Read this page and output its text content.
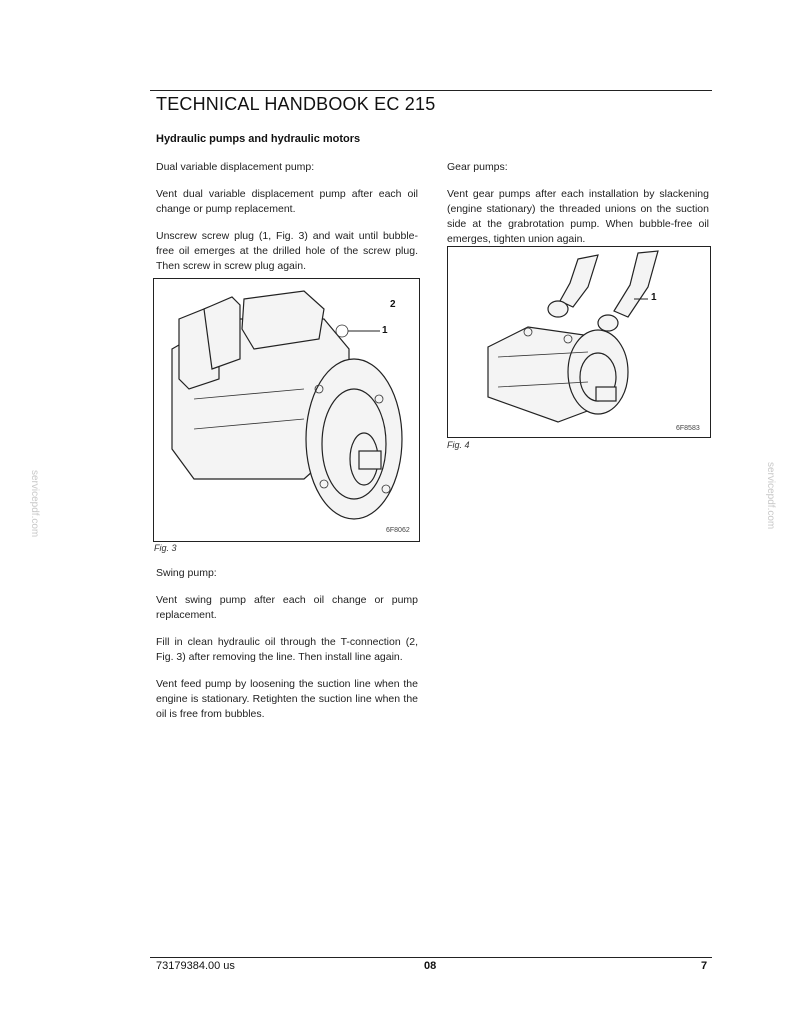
TECHNICAL HANDBOOK EC 215
Hydraulic pumps and hydraulic motors

Dual variable displacement pump:

Vent dual variable displacement pump after each oil change or pump replacement.

Unscrew screw plug (1, Fig. 3) and wait until bubble-free oil emerges at the drilled hole of the screw plug. Then screw in screw plug again.

2
1
6F8062
Fig. 3

Swing pump:

Vent swing pump after each oil change or pump replacement.

Fill in clean hydraulic oil through the T-connection (2, Fig. 3) after removing the line. Then install line again.

Vent feed pump by loosening the suction line when the engine is stationary. Retighten the suction line when the oil is free from bubbles.

Gear pumps:

Vent gear pumps after each installation by slackening (engine stationary) the threaded unions on the suction side at the grabrotation pump. When bubble-free oil emerges, tighten union again.

1
6F8583
Fig. 4
servicepdf.com	servicepdf.com
73179384.00 us	08	7
